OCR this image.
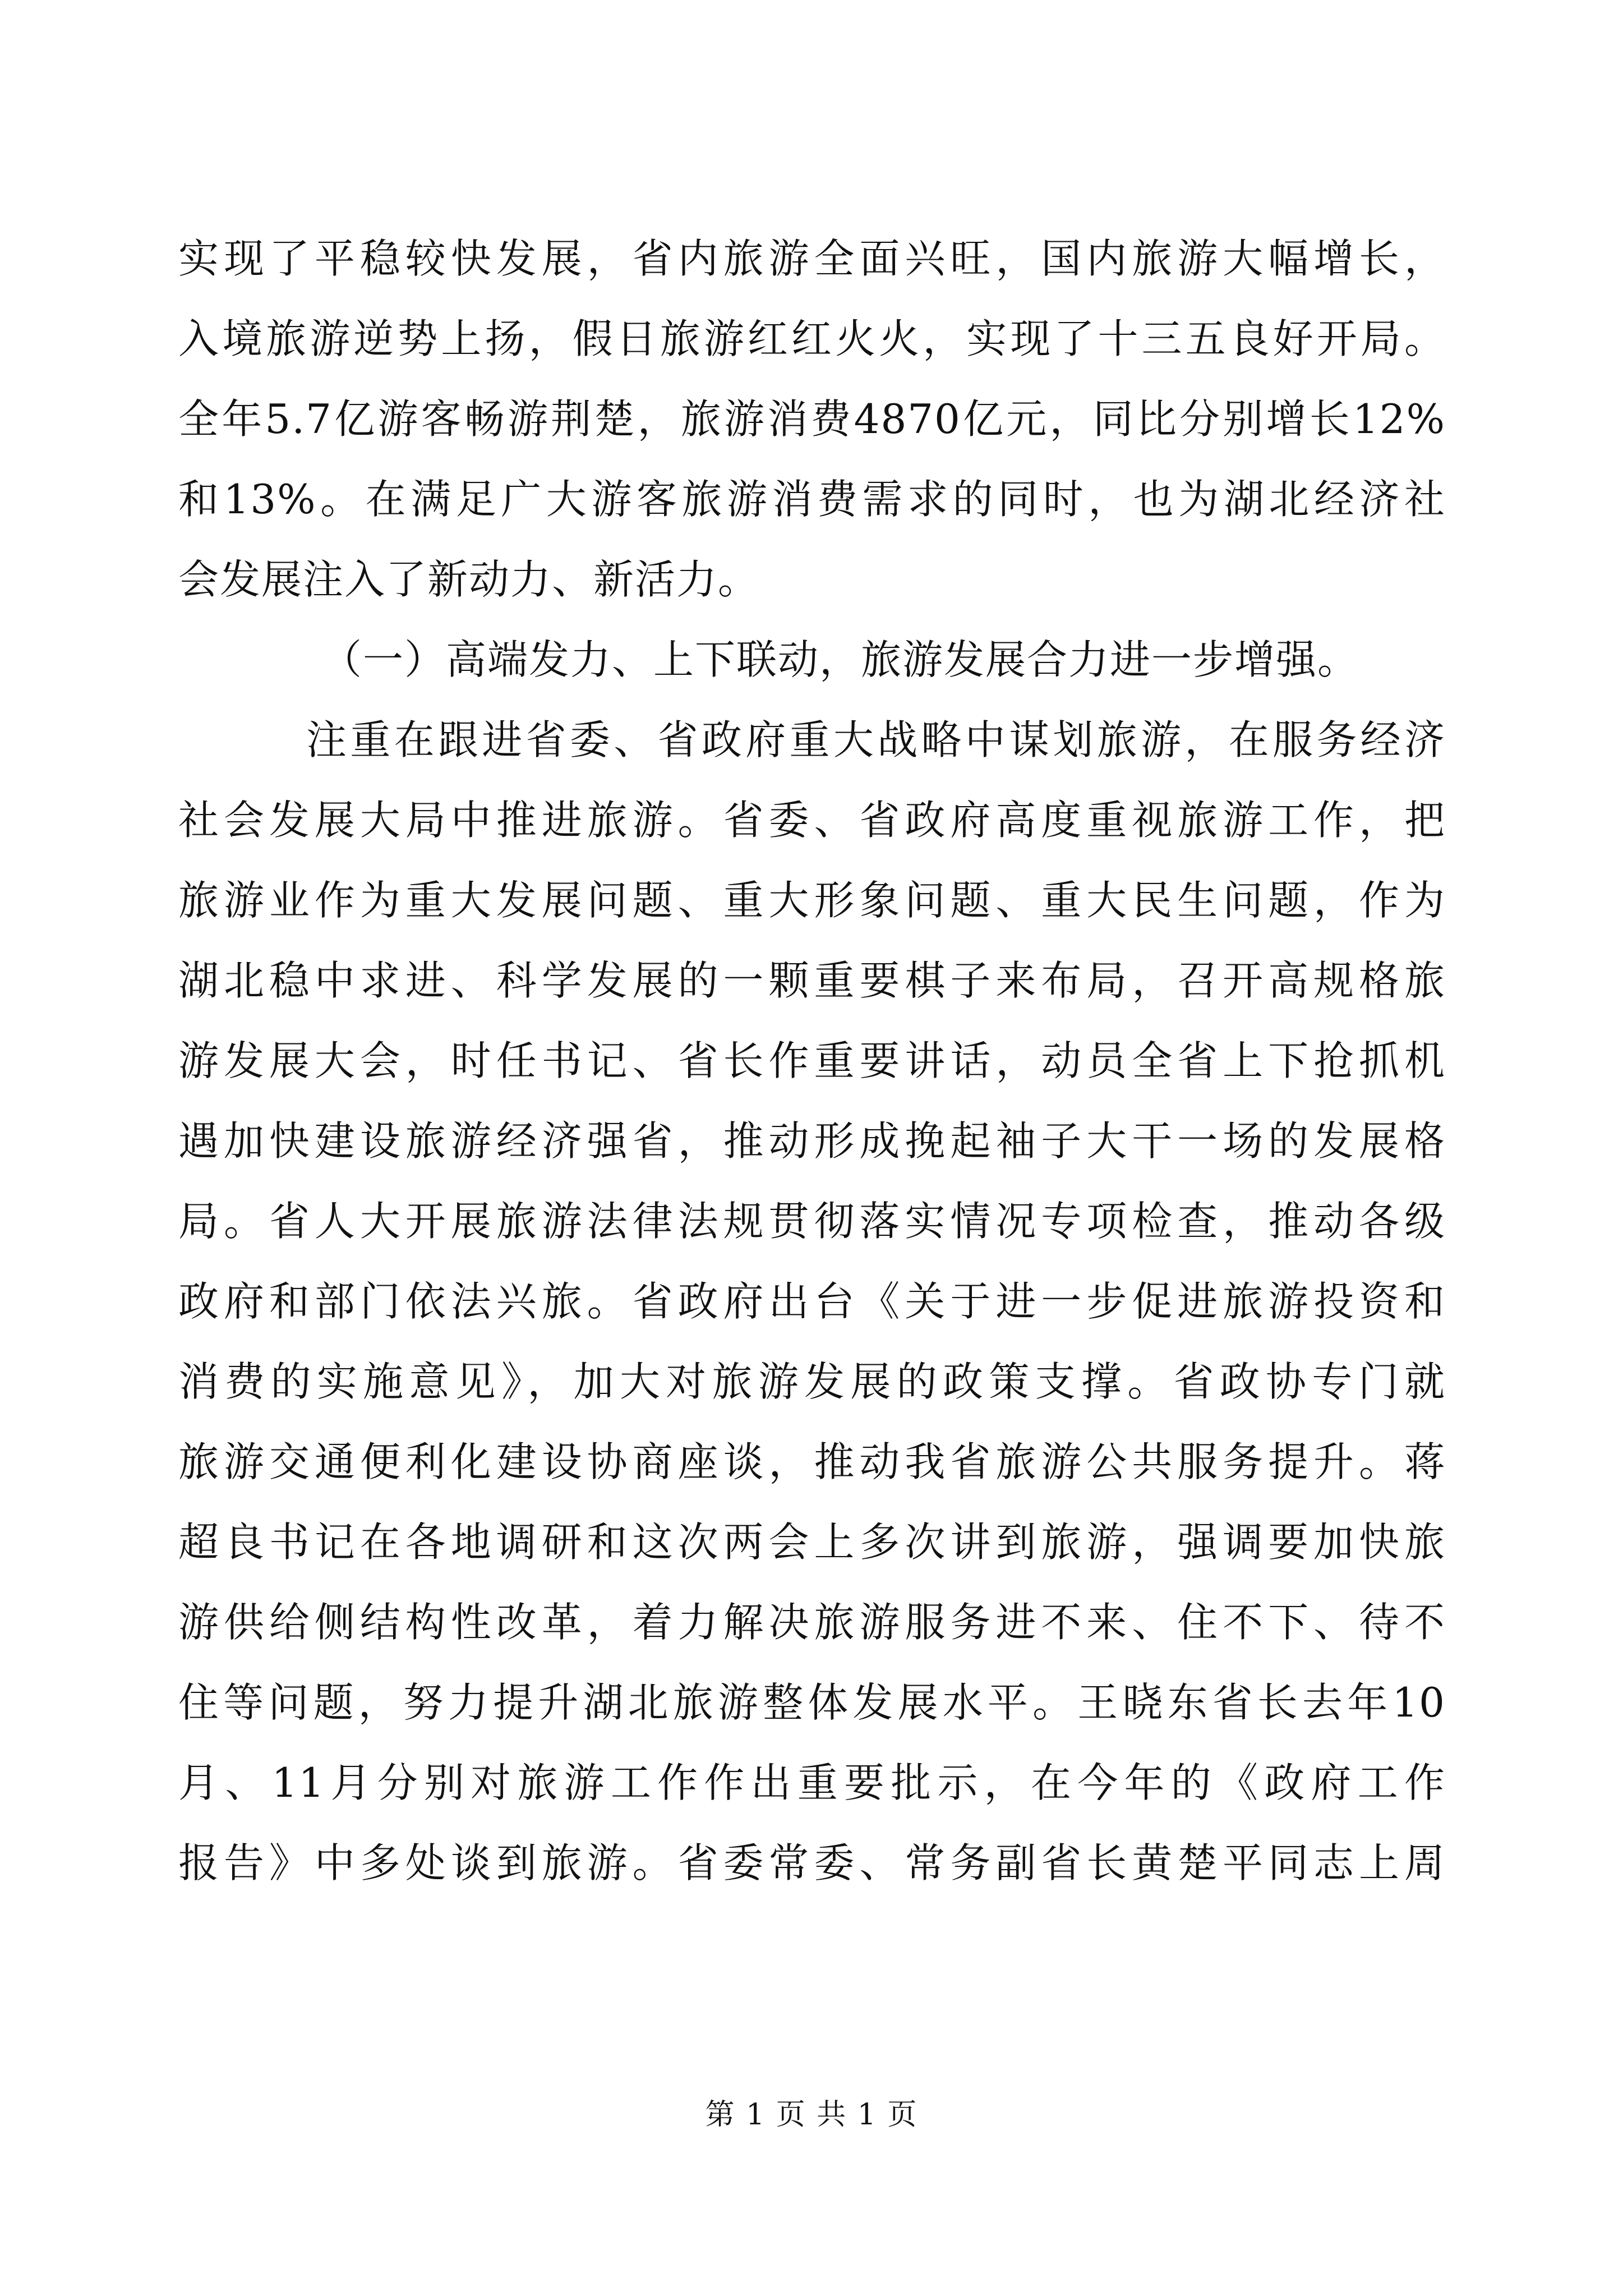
实现了平稳较快发展，省内旅游全面兴旺，国内旅游大幅增长，
入境旅游逆势上扬，假日旅游红红火火，实现了十三五良好开局。
全年5.7亿游客畅游荆楚，旅游消费4870亿元，同比分别增长12%
和13%。在满足广大游客旅游消费需求的同时，也为湖北经济社
会发展注入了新动力、新活力。
（一）高端发力、上下联动，旅游发展合力进一步增强。
注重在跟进省委、省政府重大战略中谋划旅游，在服务经济
社会发展大局中推进旅游。省委、省政府高度重视旅游工作，把
旅游业作为重大发展问题、重大形象问题、重大民生问题，作为
湖北稳中求进、科学发展的一颗重要棋子来布局，召开高规格旅
游发展大会，时任书记、省长作重要讲话，动员全省上下抢抓机
遇加快建设旅游经济强省，推动形成挽起袖子大干一场的发展格
局。省人大开展旅游法律法规贯彻落实情况专项检查，推动各级
政府和部门依法兴旅。省政府出台《关于进一步促进旅游投资和
消费的实施意见》，加大对旅游发展的政策支撑。省政协专门就
旅游交通便利化建设协商座谈，推动我省旅游公共服务提升。蒋
超良书记在各地调研和这次两会上多次讲到旅游，强调要加快旅
游供给侧结构性改革，着力解决旅游服务进不来、住不下、待不
住等问题，努力提升湖北旅游整体发展水平。王晓东省长去年10
月、11月分别对旅游工作作出重要批示，在今年的《政府工作
报告》中多处谈到旅游。省委常委、常务副省长黄楚平同志上周
第 1 页 共 1 页
